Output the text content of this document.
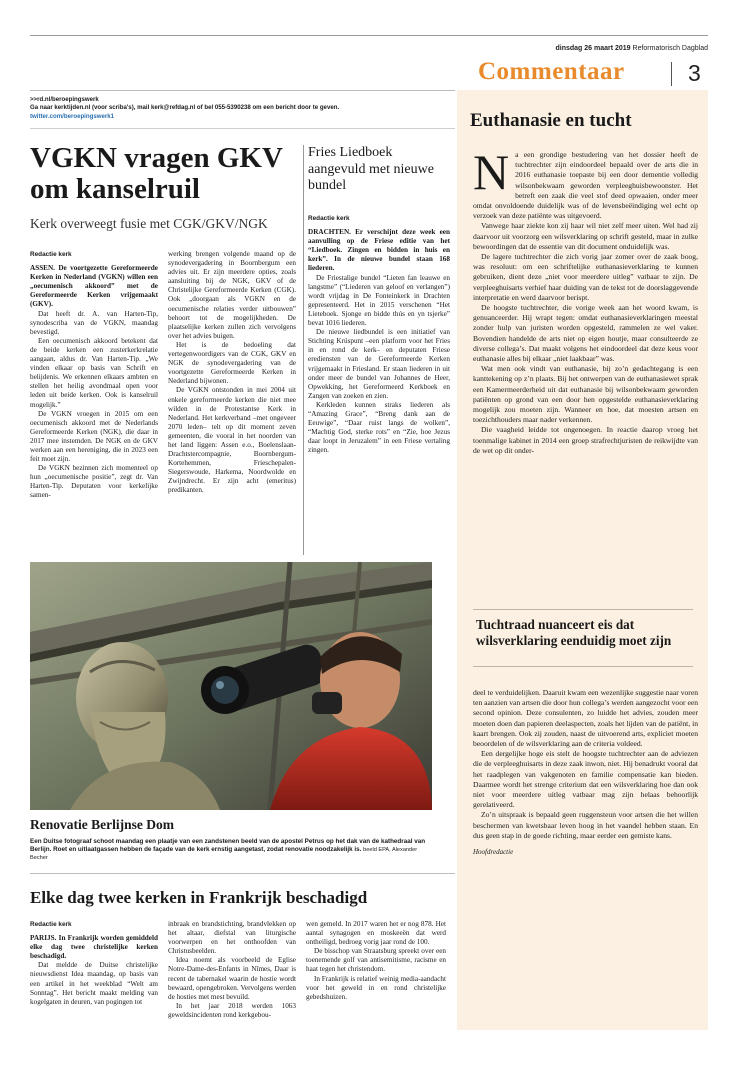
dinsdag 26 maart 2019 Reformatorisch Dagblad
Commentaar	3
>>rd.nl/beroepingswerk
Ga naar kerktijden.nl (voor scriba's), mail kerk@refdag.nl of bel 055-5390238 om een bericht door te geven.
twitter.com/beroepingswerk1
VGKN vragen GKV om kanselruil
Kerk overweegt fusie met CGK/GKV/NGK
Redactie kerk

ASSEN. De voortgezette Gereformeerde Kerken in Nederland (VGKN) willen een „oecumenisch akkoord” met de Gereformeerde Kerken vrijgemaakt (GKV).

Dat heeft dr. A. van Harten-Tip, synodescriba van de VGKN, maandag bevestigd.

Een oecumenisch akkoord betekent dat de beide kerken een zusterkerkrelatie aangaan, aldus dr. Van Harten-Tip. „We vinden elkaar op basis van Schrift en belijdenis. We erkennen elkaars ambten en stellen het heilig avondmaal open voor leden uit beide kerken. Ook is kanselruil mogelijk.”

De VGKN vroegen in 2015 om een oecumenisch akkoord met de Nederlands Gereformeerde Kerken (NGK), die daar in 2017 mee instemden. De NGK en de GKV werken aan een hereniging, die in 2023 een feit moet zijn.

De VGKN bezinnen zich momenteel op hun „oecumenische positie”, zegt dr. Van Harten-Tip. Deputaten voor kerkelijke samen-

werking brengen volgende maand op de synodevergadering in Boornbergum een advies uit. Er zijn meerdere opties, zoals aansluiting bij de NGK, GKV of de Christelijke Gereformeerde Kerken (CGK). Ook „doorgaan als VGKN en de oecumenische relaties verder uitbouwen” behoort tot de mogelijkheden. De plaatselijke kerken zullen zich vervolgens over het advies buigen.

Het is de bedoeling dat vertegenwoordigers van de CGK, GKV en NGK de synodevergadering van de voortgezette Gereformeerde Kerken in Nederland bijwonen.

De VGKN ontstonden in mei 2004 uit enkele gereformeerde kerken die niet mee wilden in de Protestantse Kerk in Nederland. Het kerkverband –met ongeveer 2070 leden– telt op dit moment zeven gemeenten, die vooral in het noorden van het land liggen: Assen e.o., Boelenslaan-Drachtstercompagnie, Boornbergum-Kortehemmen, Frieschepalen-Siegerswoude, Harkema, Noordwolde en Zwijndrecht. Er zijn acht (emeritus) predikanten.

Fries Liedboek aangevuld met nieuwe bundel
Redactie kerk

DRACHTEN. Er verschijnt deze week een aanvulling op de Friese editie van het “Liedboek. Zingen en bidden in huis en kerk”. In de nieuwe bundel staan 168 liederen.

De Friestalige bundel “Lieten fan leauwe en langstme” (“Liederen van geloof en verlangen”) wordt vrijdag in De Fonteinkerk in Drachten gepresenteerd. Het in 2015 verschenen “Het Lieteboek. Sjonge en bidde thús en yn tsjerke” bevat 1016 liederen.

De nieuwe liedbundel is een initiatief van Stichting Krúspunt –een platform voor het Fries in en rond de kerk– en deputaten Friese erediensten van de Gereformeerde Kerken vrijgemaakt in Friesland. Er staan liederen in uit onder meer de bundel van Johannes de Heer, Opwekking, het Gereformeerd Kerkboek en Zangen van zoeken en zien.

Kerkleden kunnen straks liederen als “Amazing Grace”, “Breng dank aan de Eeuwige”, “Daar ruist langs de wolken”, “Machtig God, sterke rots” en “Zie, hoe Jezus daar loopt in Jeruzalem” in een Friese vertaling zingen.

Renovatie Berlijnse Dom
Een Duitse fotograaf schoot maandag een plaatje van een zandstenen beeld van de apostel Petrus op het dak van de kathedraal van Berlijn. Roet en uitlaatgassen hebben de façade van de kerk ernstig aangetast, zodat renovatie noodzakelijk is. beeld EPA, Alexander Becher
Elke dag twee kerken in Frankrijk beschadigd
Redactie kerk

PARIJS. In Frankrijk worden gemiddeld elke dag twee christelijke kerken beschadigd.

Dat meldde de Duitse christelijke nieuwsdienst Idea maandag, op basis van een artikel in het weekblad “Welt am Sonntag”. Het bericht maakt melding van kogelgaten in deuren, van pogingen tot

inbraak en brandstichting, brandvlekken op het altaar, diefstal van liturgische voorwerpen en het onthoofden van Christusbeelden.

Idea noemt als voorbeeld de Eglise Notre-Dame-des-Enfants in Nîmes, Daar is recent de tabernakel waarin de hostie wordt bewaard, opengebroken. Vervolgens werden de hosties met mest bevuild.

In het jaar 2018 werden 1063 geweldsincidenten rond kerkgebou-

wen gemeld. In 2017 waren het er nog 878. Het aantal synagogen en moskeeën dat werd ontheiligd, bedroeg vorig jaar rond de 100.

De bisschop van Straatsburg spreekt over een toenemende golf van antisemitisme, racisme en haat tegen het christendom.

In Frankrijk is relatief weinig media-aandacht voor het geweld in en rond christelijke gebedshuizen.

Euthanasie en tucht
N a een grondige bestudering van het dossier heeft de tuchtrechter zijn eindoordeel bepaald over de arts die in 2016 euthanasie toepaste bij een door dementie volledig wilsonbekwaam geworden verpleeghuisbewoonster. Het betreft een zaak die veel stof deed opwaaien, onder meer omdat onvoldoende duidelijk was of de levensbeëindiging wel echt op verzoek van deze patiënte was uitgevoerd.

Vanwege haar ziekte kon zij haar wil niet zelf meer uiten. Wel had zij daarvoor uit voorzorg een wilsverklaring op schrift gesteld, maar in zulke bewoordingen dat de essentie van dit document onduidelijk was.

De lagere tuchtrechter die zich vorig jaar zomer over de zaak boog, was resoluut: om een schriftelijke euthanasieverklaring te kunnen gebruiken, dient deze „niet voor meerdere uitleg” vatbaar te zijn. De verpleeghuisarts verhief haar duiding van de tekst tot de doorslaggevende interpretatie en werd daarvoor berispt.

De hoogste tuchtrechter, die vorige week aan het woord kwam, is genuanceerder. Hij wrapt tegen: omdat euthanasieverklaringen meestal zonder hulp van juristen worden opgesteld, rammelen ze wel vaker. Bovendien handelde de arts niet op eigen houtje, maar consulteerde ze diverse collega’s. Dat maakt volgens het eindoordeel dat deze keus voor euthanasie alles bij elkaar „niet laakbaar” was.

Wat men ook vindt van euthanasie, bij zo’n gedachtegang is een kanttekening op z’n plaats. Bij het ontwerpen van de euthanasiewet sprak een Kamermeerderheid uit dat euthanasie bij wilsonbekwaam geworden patiënten op grond van een door hen opgestelde euthanasieverklaring mogelijk zou moeten zijn. Wanneer en hoe, dat moesten artsen en toezichthouders maar nader verkennen.

Die vaagheid leidde tot ongenoegen. In reactie daarop vroeg het toenmalige kabinet in 2014 een groep strafrechtjuristen de reikwijdte van de wet op dit onder-

Tuchtraad nuanceert eis dat wilsverklaring eenduidig moet zijn

deel te verduidelijken. Daaruit kwam een wezenlijke suggestie naar voren ten aanzien van artsen die door hun collega’s werden aangezocht voor een second opinion. Deze consulenten, zo luidde het advies, zouden meer moeten doen dan papieren deelaspecten, zoals het lijden van de patiënt, in kaart brengen. Ook zij zouden, naast de uitvoerend arts, expliciet moeten beoordelen of de wilsverklaring aan de criteria voldeed.

Een dergelijke hoge eis stelt de hoogste tuchtrechter aan de adviezen die de verpleeghuisarts in deze zaak inwon, niet. Hij benadrukt vooral dat het raadplegen van vakgenoten en familie compensatie kan bieden. Daarmee wordt het strenge criterium dat een wilsverklaring hoe dan ook niet voor meerdere uitleg vatbaar mag zijn helaas behoorlijk gerelativeerd.

Zo’n uitspraak is bepaald geen ruggensteun voor artsen die het willen beschermen van kwetsbaar leven hoog in het vaandel hebben staan. En dus geen stap in de goede richting, maar eerder een gemiste kans.

Hoofdredactie
